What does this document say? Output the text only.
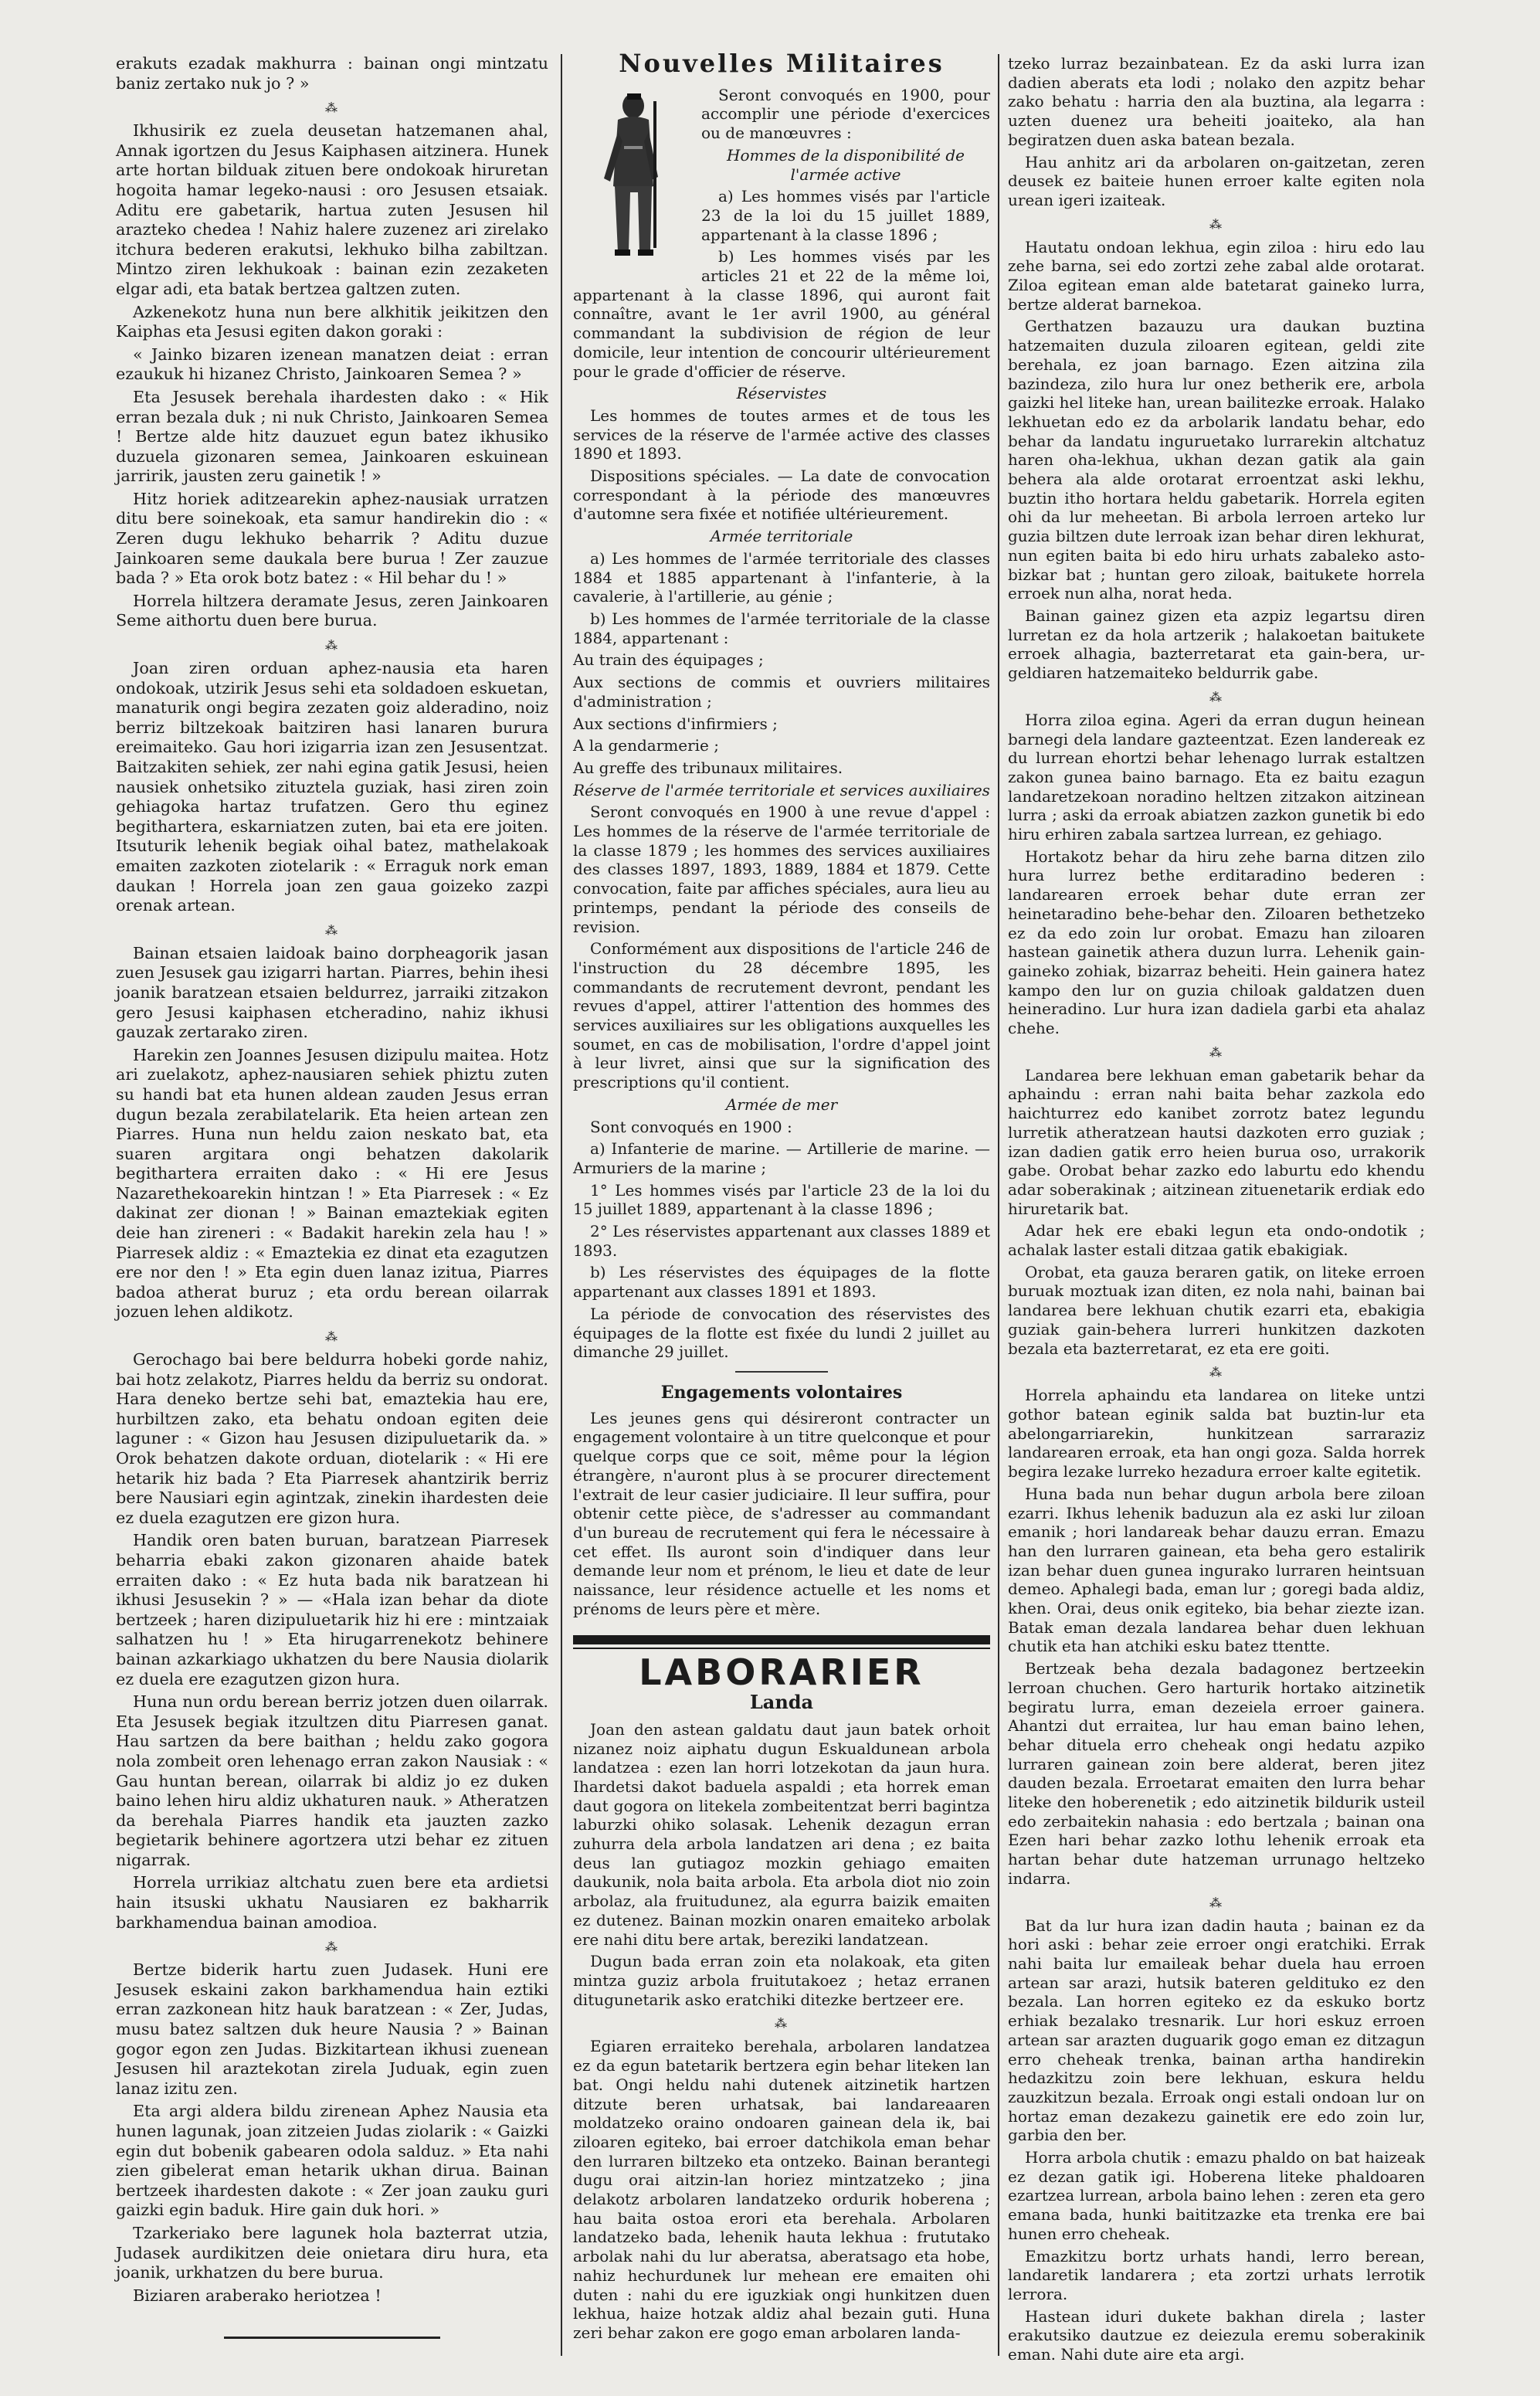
erakuts ezadak makhurra : bainan ongi mintzatu baniz zertako nuk jo ? »

⁂

Ikhusirik ez zuela deusetan hatzemanen ahal, Annak igortzen du Jesus Kaiphasen aitzinera. Hunek arte hortan bilduak zituen bere ondokoak hiruretan hogoita hamar legeko-nausi : oro Jesusen etsaiak. Aditu ere gabetarik, hartua zuten Jesusen hil arazteko chedea ! Nahiz halere zuzenez ari zirelako itchura bederen erakutsi, lekhuko bilha zabiltzan. Mintzo ziren lekhukoak : bainan ezin zezaketen elgar adi, eta batak bertzea galtzen zuten.

Azkenekotz huna nun bere alkhitik jeikitzen den Kaiphas eta Jesusi egiten dakon goraki :

« Jainko bizaren izenean manatzen deiat : erran ezaukuk hi hizanez Christo, Jainkoaren Semea ? »

Eta Jesusek berehala ihardesten dako : « Hik erran bezala duk ; ni nuk Christo, Jainkoaren Semea ! Bertze alde hitz dauzuet egun batez ikhusiko duzuela gizonaren semea, Jainkoaren eskuinean jarririk, jausten zeru gainetik ! »

Hitz horiek aditzearekin aphez-nausiak urratzen ditu bere soinekoak, eta samur handirekin dio : « Zeren dugu lekhuko beharrik ? Aditu duzue Jainkoaren seme daukala bere burua ! Zer zauzue bada ? » Eta orok botz batez : « Hil behar du ! »

Horrela hiltzera deramate Jesus, zeren Jainkoaren Seme aithortu duen bere burua.

⁂

Joan ziren orduan aphez-nausia eta haren ondokoak, utzirik Jesus sehi eta soldadoen eskuetan, manaturik ongi begira zezaten goiz alderadino, noiz berriz biltzekoak baitziren hasi lanaren burura ereimaiteko. Gau hori izigarria izan zen Jesusentzat. Baitzakiten sehiek, zer nahi egina gatik Jesusi, heien nausiek onhetsiko zituztela guziak, hasi ziren zoin gehiagoka hartaz trufatzen. Gero thu eginez begithartera, eskarniatzen zuten, bai eta ere joiten. Itsuturik lehenik begiak oihal batez, mathelakoak emaiten zazkoten ziotelarik : « Erraguk nork eman daukan ! Horrela joan zen gaua goizeko zazpi orenak artean.

⁂

Bainan etsaien laidoak baino dorpheagorik jasan zuen Jesusek gau izigarri hartan. Piarres, behin ihesi joanik baratzean etsaien beldurrez, jarraiki zitzakon gero Jesusi kaiphasen etcheradino, nahiz ikhusi gauzak zertarako ziren.

Harekin zen Joannes Jesusen dizipulu maitea. Hotz ari zuelakotz, aphez-nausiaren sehiek phiztu zuten su handi bat eta hunen aldean zauden Jesus erran dugun bezala zerabilatelarik. Eta heien artean zen Piarres. Huna nun heldu zaion neskato bat, eta suaren argitara ongi behatzen dakolarik begithartera erraiten dako : « Hi ere Jesus Nazarethekoarekin hintzan ! » Eta Piarresek : « Ez dakinat zer dionan ! » Bainan emaztekiak egiten deie han zireneri : « Badakit harekin zela hau ! » Piarresek aldiz : « Emaztekia ez dinat eta ezagutzen ere nor den ! » Eta egin duen lanaz izitua, Piarres badoa atherat buruz ; eta ordu berean oilarrak jozuen lehen aldikotz.

⁂

Gerochago bai bere beldurra hobeki gorde nahiz, bai hotz zelakotz, Piarres heldu da berriz su ondorat. Hara deneko bertze sehi bat, emaztekia hau ere, hurbiltzen zako, eta behatu ondoan egiten deie laguner : « Gizon hau Jesusen dizipuluetarik da. » Orok behatzen dakote orduan, diotelarik : « Hi ere hetarik hiz bada ? Eta Piarresek ahantzirik berriz bere Nausiari egin agintzak, zinekin ihardesten deie ez duela ezagutzen ere gizon hura.

Handik oren baten buruan, baratzean Piarresek beharria ebaki zakon gizonaren ahaide batek erraiten dako : « Ez huta bada nik baratzean hi ikhusi Jesusekin ? » — «Hala izan behar da diote bertzeek ; haren dizipuluetarik hiz hi ere : mintzaiak salhatzen hu ! » Eta hirugarrenekotz behinere bainan azkarkiago ukhatzen du bere Nausia diolarik ez duela ere ezagutzen gizon hura.

Huna nun ordu berean berriz jotzen duen oilarrak. Eta Jesusek begiak itzultzen ditu Piarresen ganat. Hau sartzen da bere baithan ; heldu zako gogora nola zombeit oren lehenago erran zakon Nausiak : « Gau huntan berean, oilarrak bi aldiz jo ez duken baino lehen hiru aldiz ukhaturen nauk. » Atheratzen da berehala Piarres handik eta jauzten zazko begietarik behinere agortzera utzi behar ez zituen nigarrak.

Horrela urrikiaz altchatu zuen bere eta ardietsi hain itsuski ukhatu Nausiaren ez bakharrik barkhamendua bainan amodioa.

⁂

Bertze biderik hartu zuen Judasek. Huni ere Jesusek eskaini zakon barkhamendua hain eztiki erran zazkonean hitz hauk baratzean : « Zer, Judas, musu batez saltzen duk heure Nausia ? » Bainan gogor egon zen Judas. Bizkitartean ikhusi zuenean Jesusen hil araztekotan zirela Juduak, egin zuen lanaz izitu zen.

Eta argi aldera bildu zirenean Aphez Nausia eta hunen lagunak, joan zitzeien Judas ziolarik : « Gaizki egin dut bobenik gabearen odola salduz. » Eta nahi zien gibelerat eman hetarik ukhan dirua. Bainan bertzeek ihardesten dakote : « Zer joan zauku guri gaizki egin baduk. Hire gain duk hori. »

Tzarkeriako bere lagunek hola bazterrat utzia, Judasek aurdikitzen deie onietara diru hura, eta joanik, urkhatzen du bere burua.

Biziaren araberako heriotzea !

Nouvelles Militaires

Seront convoqués en 1900, pour accomplir une période d'exercices ou de manœuvres :

Hommes de la disponibilité de l'armée active

a) Les hommes visés par l'article 23 de la loi du 15 juillet 1889, appartenant à la classe 1896 ;

b) Les hommes visés par les articles 21 et 22 de la même loi, appartenant à la classe 1896, qui auront fait connaître, avant le 1er avril 1900, au général commandant la subdivision de région de leur domicile, leur intention de concourir ultérieurement pour le grade d'officier de réserve.

Réservistes

Les hommes de toutes armes et de tous les services de la réserve de l'armée active des classes 1890 et 1893.

Dispositions spéciales. — La date de convocation correspondant à la période des manœuvres d'automne sera fixée et notifiée ultérieurement.

Armée territoriale

a) Les hommes de l'armée territoriale des classes 1884 et 1885 appartenant à l'infanterie, à la cavalerie, à l'artillerie, au génie ;

b) Les hommes de l'armée territoriale de la classe 1884, appartenant :

Au train des équipages ;

Aux sections de commis et ouvriers militaires d'administration ;

Aux sections d'infirmiers ;

A la gendarmerie ;

Au greffe des tribunaux militaires.

Réserve de l'armée territoriale et services auxiliaires

Seront convoqués en 1900 à une revue d'appel : Les hommes de la réserve de l'armée territoriale de la classe 1879 ; les hommes des services auxiliaires des classes 1897, 1893, 1889, 1884 et 1879. Cette convocation, faite par affiches spéciales, aura lieu au printemps, pendant la période des conseils de revision.

Conformément aux dispositions de l'article 246 de l'instruction du 28 décembre 1895, les commandants de recrutement devront, pendant les revues d'appel, attirer l'attention des hommes des services auxiliaires sur les obligations auxquelles les soumet, en cas de mobilisation, l'ordre d'appel joint à leur livret, ainsi que sur la signification des prescriptions qu'il contient.

Armée de mer

Sont convoqués en 1900 :

a) Infanterie de marine. — Artillerie de marine. — Armuriers de la marine ;

1° Les hommes visés par l'article 23 de la loi du 15 juillet 1889, appartenant à la classe 1896 ;

2° Les réservistes appartenant aux classes 1889 et 1893.

b) Les réservistes des équipages de la flotte appartenant aux classes 1891 et 1893.

La période de convocation des réservistes des équipages de la flotte est fixée du lundi 2 juillet au dimanche 29 juillet.

Engagements volontaires

Les jeunes gens qui désireront contracter un engagement volontaire à un titre quelconque et pour quelque corps que ce soit, même pour la légion étrangère, n'auront plus à se procurer directement l'extrait de leur casier judiciaire. Il leur suffira, pour obtenir cette pièce, de s'adresser au commandant d'un bureau de recrutement qui fera le nécessaire à cet effet. Ils auront soin d'indiquer dans leur demande leur nom et prénom, le lieu et date de leur naissance, leur résidence actuelle et les noms et prénoms de leurs père et mère.

LABORARIER
Landa

Joan den astean galdatu daut jaun batek orhoit nizanez noiz aiphatu dugun Eskualdunean arbola landatzea : ezen lan horri lotzekotan da jaun hura. Ihardetsi dakot baduela aspaldi ; eta horrek eman daut gogora on litekela zombeitentzat berri bagintza laburzki ohiko solasak. Lehenik dezagun erran zuhurra dela arbola landatzen ari dena ; ez baita deus lan gutiagoz mozkin gehiago emaiten daukunik, nola baita arbola. Eta arbola diot nio zoin arbolaz, ala fruitudunez, ala egurra baizik emaiten ez dutenez. Bainan mozkin onaren emaiteko arbolak ere nahi ditu bere artak, bereziki landatzean.

Dugun bada erran zoin eta nolakoak, eta giten mintza guziz arbola fruitutakoez ; hetaz erranen ditugunetarik asko eratchiki ditezke bertzeer ere.

⁂

Egiaren erraiteko berehala, arbolaren landatzea ez da egun batetarik bertzera egin behar liteken lan bat. Ongi heldu nahi dutenek aitzinetik hartzen ditzute beren urhatsak, bai landareaaren moldatzeko oraino ondoaren gainean dela ik, bai ziloaren egiteko, bai erroer datchikola eman behar den lurraren biltzeko eta ontzeko. Bainan berantegi dugu orai aitzin-lan horiez mintzatzeko ; jina delakotz arbolaren landatzeko ordurik hoberena ; hau baita ostoa erori eta berehala. Arbolaren landatzeko bada, lehenik hauta lekhua : frututako arbolak nahi du lur aberatsa, aberatsago eta hobe, nahiz hechurdunek lur mehean ere emaiten ohi duten : nahi du ere iguzkiak ongi hunkitzen duen lekhua, haize hotzak aldiz ahal bezain guti. Huna zeri behar zakon ere gogo eman arbolaren landa-

tzeko lurraz bezainbatean. Ez da aski lurra izan dadien aberats eta lodi ; nolako den azpitz behar zako behatu : harria den ala buztina, ala legarra : uzten duenez ura beheiti joaiteko, ala han begiratzen duen aska batean bezala.

Hau anhitz ari da arbolaren on-gaitzetan, zeren deusek ez baiteie hunen erroer kalte egiten nola urean igeri izaiteak.

⁂

Hautatu ondoan lekhua, egin ziloa : hiru edo lau zehe barna, sei edo zortzi zehe zabal alde orotarat. Ziloa egitean eman alde batetarat gaineko lurra, bertze alderat barnekoa.

Gerthatzen bazauzu ura daukan buztina hatzemaiten duzula ziloaren egitean, geldi zite berehala, ez joan barnago. Ezen aitzina zila bazindeza, zilo hura lur onez betherik ere, arbola gaizki hel liteke han, urean bailitezke erroak. Halako lekhuetan edo ez da arbolarik landatu behar, edo behar da landatu inguruetako lurrarekin altchatuz haren oha-lekhua, ukhan dezan gatik ala gain behera ala alde orotarat erroentzat aski lekhu, buztin itho hortara heldu gabetarik. Horrela egiten ohi da lur meheetan. Bi arbola lerroen arteko lur guzia biltzen dute lerroak izan behar diren lekhurat, nun egiten baita bi edo hiru urhats zabaleko asto-bizkar bat ; huntan gero ziloak, baitukete horrela erroek nun alha, norat heda.

Bainan gainez gizen eta azpiz legartsu diren lurretan ez da hola artzerik ; halakoetan baitukete erroek alhagia, bazterretarat eta gain-bera, ur-geldiaren hatzemaiteko beldurrik gabe.

⁂

Horra ziloa egina. Ageri da erran dugun heinean barnegi dela landare gazteentzat. Ezen landereak ez du lurrean ehortzi behar lehenago lurrak estaltzen zakon gunea baino barnago. Eta ez baitu ezagun landaretzekoan noradino heltzen zitzakon aitzinean lurra ; aski da erroak abiatzen zazkon gunetik bi edo hiru erhiren zabala sartzea lurrean, ez gehiago.

Hortakotz behar da hiru zehe barna ditzen zilo hura lurrez bethe erditaradino bederen : landarearen erroek behar dute erran zer heinetaradino behe-behar den. Ziloaren bethetzeko ez da edo zoin lur orobat. Emazu han ziloaren hastean gainetik athera duzun lurra. Lehenik gain-gaineko zohiak, bizarraz beheiti. Hein gainera hatez kampo den lur on guzia chiloak galdatzen duen heineradino. Lur hura izan dadiela garbi eta ahalaz chehe.

⁂

Landarea bere lekhuan eman gabetarik behar da aphaindu : erran nahi baita behar zazkola edo haichturrez edo kanibet zorrotz batez legundu lurretik atheratzean hautsi dazkoten erro guziak ; izan dadien gatik erro heien burua oso, urrakorik gabe. Orobat behar zazko edo laburtu edo khendu adar soberakinak ; aitzinean zituenetarik erdiak edo hiruretarik bat.

Adar hek ere ebaki legun eta ondo-ondotik ; achalak laster estali ditzaa gatik ebakigiak.

Orobat, eta gauza beraren gatik, on liteke erroen buruak moztuak izan diten, ez nola nahi, bainan bai landarea bere lekhuan chutik ezarri eta, ebakigia guziak gain-behera lurreri hunkitzen dazkoten bezala eta bazterretarat, ez eta ere goiti.

⁂

Horrela aphaindu eta landarea on liteke untzi gothor batean eginik salda bat buztin-lur eta abelongarriarekin, hunkitzean sarraraziz landarearen erroak, eta han ongi goza. Salda horrek begira lezake lurreko hezadura erroer kalte egitetik.

Huna bada nun behar dugun arbola bere ziloan ezarri. Ikhus lehenik baduzun ala ez aski lur ziloan emanik ; hori landareak behar dauzu erran. Emazu han den lurraren gainean, eta beha gero estalirik izan behar duen gunea ingurako lurraren heintsuan demeo. Aphalegi bada, eman lur ; goregi bada aldiz, khen. Orai, deus onik egiteko, bia behar ziezte izan. Batak eman dezala landarea behar duen lekhuan chutik eta han atchiki esku batez ttentte.

Bertzeak beha dezala badagonez bertzeekin lerroan chuchen. Gero harturik hortako aitzinetik begiratu lurra, eman dezeiela erroer gainera. Ahantzi dut erraitea, lur hau eman baino lehen, behar dituela erro cheheak ongi hedatu azpiko lurraren gainean zoin bere alderat, beren jitez dauden bezala. Erroetarat emaiten den lurra behar liteke den hoberenetik ; edo aitzinetik bildurik usteil edo zerbaitekin nahasia : edo bertzala ; bainan ona Ezen hari behar zazko lothu lehenik erroak eta hartan behar dute hatzeman urrunago heltzeko indarra.

⁂

Bat da lur hura izan dadin hauta ; bainan ez da hori aski : behar zeie erroer ongi eratchiki. Errak nahi baita lur emaileak behar duela hau erroen artean sar arazi, hutsik bateren geldituko ez den bezala. Lan horren egiteko ez da eskuko bortz erhiak bezalako tresnarik. Lur hori eskuz erroen artean sar arazten duguarik gogo eman ez ditzagun erro cheheak trenka, bainan artha handirekin hedazkitzu zoin bere lekhuan, eskura heldu zauzkitzun bezala. Erroak ongi estali ondoan lur on hortaz eman dezakezu gainetik ere edo zoin lur, garbia den ber.

Horra arbola chutik : emazu phaldo on bat haizeak ez dezan gatik igi. Hoberena liteke phaldoaren ezartzea lurrean, arbola baino lehen : zeren eta gero emana bada, hunki baititzazke eta trenka ere bai hunen erro cheheak.

Emazkitzu bortz urhats handi, lerro berean, landaretik landarera ; eta zortzi urhats lerrotik lerrora.

Hastean iduri dukete bakhan direla ; laster erakutsiko dautzue ez deiezula eremu soberakinik eman. Nahi dute aire eta argi.
